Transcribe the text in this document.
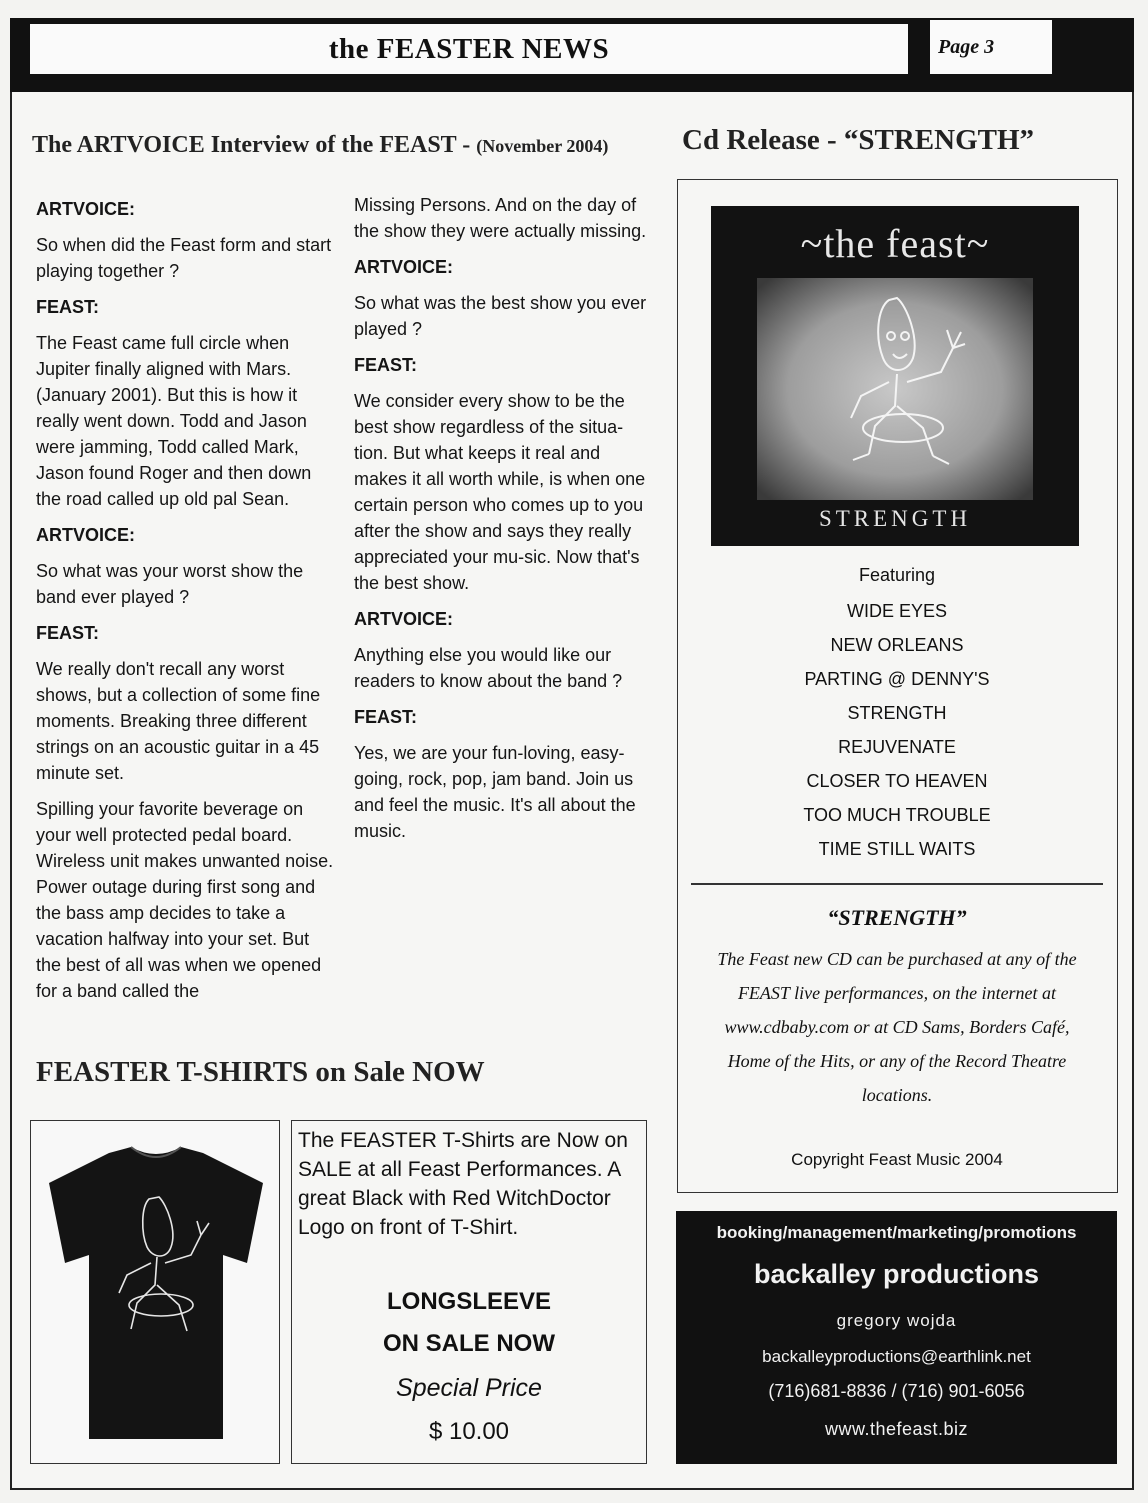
the FEASTER NEWS	Page 3
The ARTVOICE Interview of the FEAST - (November 2004)	Cd Release - “STRENGTH”
ARTVOICE:
So when did the Feast form and start playing together ?
FEAST:
The Feast came full circle when Jupiter finally aligned with Mars. (January 2001). But this is how it really went down. Todd and Jason were jamming, Todd called Mark, Jason found Roger and then down the road called up old pal Sean.
ARTVOICE:
So what was your worst show the band ever played ?
FEAST:
We really don't recall any worst shows, but a collection of some fine moments. Breaking three different strings on an acoustic guitar in a 45 minute set.
Spilling your favorite beverage on your well protected pedal board. Wireless unit makes unwanted noise. Power outage during first song and the bass amp decides to take a vacation halfway into your set. But the best of all was when we opened for a band called the
Missing Persons. And on the day of the show they were actually missing.
ARTVOICE:
So what was the best show you ever played ?
FEAST:
We consider every show to be the best show regardless of the situa-tion. But what keeps it real and makes it all worth while, is when one certain person who comes up to you after the show and says they really appreciated your mu-sic. Now that's the best show.
ARTVOICE:
Anything else you would like our readers to know about the band ?
FEAST:
Yes, we are your fun-loving, easy-going, rock, pop, jam band. Join us and feel the music. It's all about the music.
~the feast~
STRENGTH
Featuring
WIDE EYES
NEW ORLEANS
PARTING @ DENNY'S
STRENGTH
REJUVENATE
CLOSER TO HEAVEN
TOO MUCH TROUBLE
TIME STILL WAITS
“STRENGTH”
The Feast new CD can be purchased at any of the FEAST live performances, on the internet at www.cdbaby.com or at CD Sams, Borders Café, Home of the Hits, or any of the Record Theatre locations.
Copyright Feast Music 2004
FEASTER T-SHIRTS on Sale NOW
The FEASTER T-Shirts are Now on SALE at all Feast Performances. A great Black with Red WitchDoctor Logo on front of T-Shirt.
LONGSLEEVE
ON SALE NOW
Special Price
$ 10.00
booking/management/marketing/promotions
backalley productions
gregory wojda
backalleyproductions@earthlink.net
(716)681-8836 / (716) 901-6056
www.thefeast.biz
